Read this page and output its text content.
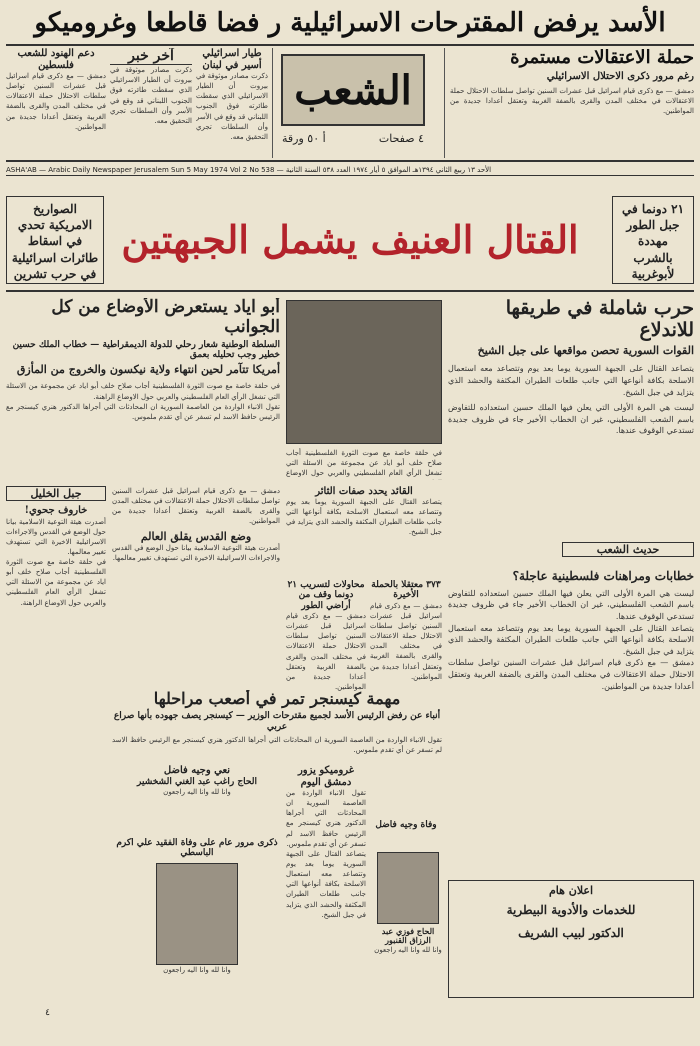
الأسد يرفض المقترحات الاسرائيلية ر فضا قاطعا وغروميكو
حملة الاعتقالات مستمرة
رغم مرور ذكرى الاحتلال الاسرائيلي
دمشق — مع ذكرى قيام اسرائيل قبل عشرات السنين تواصل سلطات الاحتلال حملة الاعتقالات في مختلف المدن والقرى بالضفة الغربية وتعتقل أعدادا جديدة من المواطنين.
الشعب
٤ صفحات
أ ٥٠ ورقة
طيار اسرائيلي أسير في لبنان
ذكرت مصادر موثوقة في بيروت أن الطيار الاسرائيلي الذي سقطت طائرته فوق الجنوب اللبناني قد وقع في الأسر وأن السلطات تجري التحقيق معه.
آخر خبر
ذكرت مصادر موثوقة في بيروت أن الطيار الاسرائيلي الذي سقطت طائرته فوق الجنوب اللبناني قد وقع في الأسر وأن السلطات تجري التحقيق معه.
دعم الهنود للشعب فلسطين
دمشق — مع ذكرى قيام اسرائيل قبل عشرات السنين تواصل سلطات الاحتلال حملة الاعتقالات في مختلف المدن والقرى بالضفة الغربية وتعتقل أعدادا جديدة من المواطنين.
ASHA'AB — Arabic Daily Newspaper Jerusalem Sun 5 May 1974 Vol 2 No 538 — الأحد ١٣ ربيع الثاني ١٣٩٤هـ الموافق ٥ أيار ١٩٧٤ العدد ٥٣٨ السنة الثانية
٢١ دونما في جبل الطور مهددة بالشرب لأبوغربية
القتال العنيف يشمل الجبهتين
الصواريخ الامريكية تحدي في اسقاط طائرات اسرائيلية في حرب تشرين
حرب شاملة في طريقها للاندلاع
القوات السورية تحصن مواقعها على جبل الشيخ
يتصاعد القتال على الجبهة السورية يوما بعد يوم وتتصاعد معه استعمال الاسلحة بكافة أنواعها التي جانب طلعات الطيران المكثفة والحشد الذي يتزايد في جبل الشيخ.
ليست هي المرة الأولى التي يعلن فيها الملك حسين استعداده للتفاوض باسم الشعب الفلسطيني، غير ان الخطاب الأخير جاء في ظروف جديدة تستدعي الوقوف عندها.
في حلقة خاصة مع صوت الثورة الفلسطينية أجاب صلاح خلف أبو اياد عن مجموعة من الاسئلة التي تشغل الرأي العام الفلسطيني والعربي حول الاوضاع
أبو اياد يستعرض الأوضاع من كل الجوانب
السلطة الوطنية شعار رحلي للدولة الديمقراطية — خطاب الملك حسين خطير وجب تحليله بعمق
أمريكا تتآمر لحين انتهاء ولاية نيكسون والخروج من المأزق
في حلقة خاصة مع صوت الثورة الفلسطينية أجاب صلاح خلف أبو اياد عن مجموعة من الاسئلة التي تشغل الرأي العام الفلسطيني والعربي حول الاوضاع الراهنة.
تقول الانباء الواردة من العاصمة السورية ان المحادثات التي أجراها الدكتور هنري كيسنجر مع الرئيس حافظ الاسد لم تسفر عن أي تقدم ملموس.
القائد يحدد صفات الثائر
يتصاعد القتال على الجبهة السورية يوما بعد يوم وتتصاعد معه استعمال الاسلحة بكافة أنواعها التي جانب طلعات الطيران المكثفة والحشد الذي يتزايد في جبل الشيخ.
حديث الشعب
خطابات ومراهنات فلسطينية عاجلة؟
ليست هي المرة الأولى التي يعلن فيها الملك حسين استعداده للتفاوض باسم الشعب الفلسطيني، غير ان الخطاب الأخير جاء في ظروف جديدة تستدعي الوقوف عندها.
يتصاعد القتال على الجبهة السورية يوما بعد يوم وتتصاعد معه استعمال الاسلحة بكافة أنواعها التي جانب طلعات الطيران المكثفة والحشد الذي يتزايد في جبل الشيخ.
دمشق — مع ذكرى قيام اسرائيل قبل عشرات السنين تواصل سلطات الاحتلال حملة الاعتقالات في مختلف المدن والقرى بالضفة الغربية وتعتقل أعدادا جديدة من المواطنين.
جبل الخليل
خاروف جحوي!
أصدرت هيئة التوعية الاسلامية بيانا حول الوضع في القدس والاجراءات الاسرائيلية الاخيرة التي تستهدف تغيير معالمها.
في حلقة خاصة مع صوت الثورة الفلسطينية أجاب صلاح خلف أبو اياد عن مجموعة من الاسئلة التي تشغل الرأي العام الفلسطيني والعربي حول الاوضاع الراهنة.
دمشق — مع ذكرى قيام اسرائيل قبل عشرات السنين تواصل سلطات الاحتلال حملة الاعتقالات في مختلف المدن والقرى بالضفة الغربية وتعتقل أعدادا جديدة من المواطنين.
وضع القدس يقلق العالم
أصدرت هيئة التوعية الاسلامية بيانا حول الوضع في القدس والاجراءات الاسرائيلية الاخيرة التي تستهدف تغيير معالمها.
٣٧٣ معتقلا بالحملة الأخيرة
دمشق — مع ذكرى قيام اسرائيل قبل عشرات السنين تواصل سلطات الاحتلال حملة الاعتقالات في مختلف المدن والقرى بالضفة الغربية وتعتقل أعدادا جديدة من المواطنين.
محاولات لتسريب ٢١ دونما وقف من أراضي الطور
دمشق — مع ذكرى قيام اسرائيل قبل عشرات السنين تواصل سلطات الاحتلال حملة الاعتقالات في مختلف المدن والقرى بالضفة الغربية وتعتقل أعدادا جديدة من المواطنين.
مهمة كيسنجر تمر في أصعب مراحلها
أنباء عن رفض الرئيس الأسد لجميع مقترحات الوزير — كيسنجر يصف جهوده بأنها صراع عربي
تقول الانباء الواردة من العاصمة السورية ان المحادثات التي أجراها الدكتور هنري كيسنجر مع الرئيس حافظ الاسد لم تسفر عن أي تقدم ملموس.
نعي وجيه فاضل
الحاج راغب عبد الغني الشخشير
وانا لله وانا اليه راجعون
ذكرى مرور عام على وفاة الفقيد علي أكرم الباسطي
وانا لله وانا اليه راجعون
غروميكو يزور دمشق اليوم
تقول الانباء الواردة من العاصمة السورية ان المحادثات التي أجراها الدكتور هنري كيسنجر مع الرئيس حافظ الاسد لم تسفر عن أي تقدم ملموس.
يتصاعد القتال على الجبهة السورية يوما بعد يوم وتتصاعد معه استعمال الاسلحة بكافة أنواعها التي جانب طلعات الطيران المكثفة والحشد الذي يتزايد في جبل الشيخ.
وفاة وجيه فاضل
الحاج فوزي عبد الرزاق القنبور
وانا لله وانا اليه راجعون
اعلان هام
للخدمات والأدوية البيطرية
الدكتور لبيب الشريف
٤
